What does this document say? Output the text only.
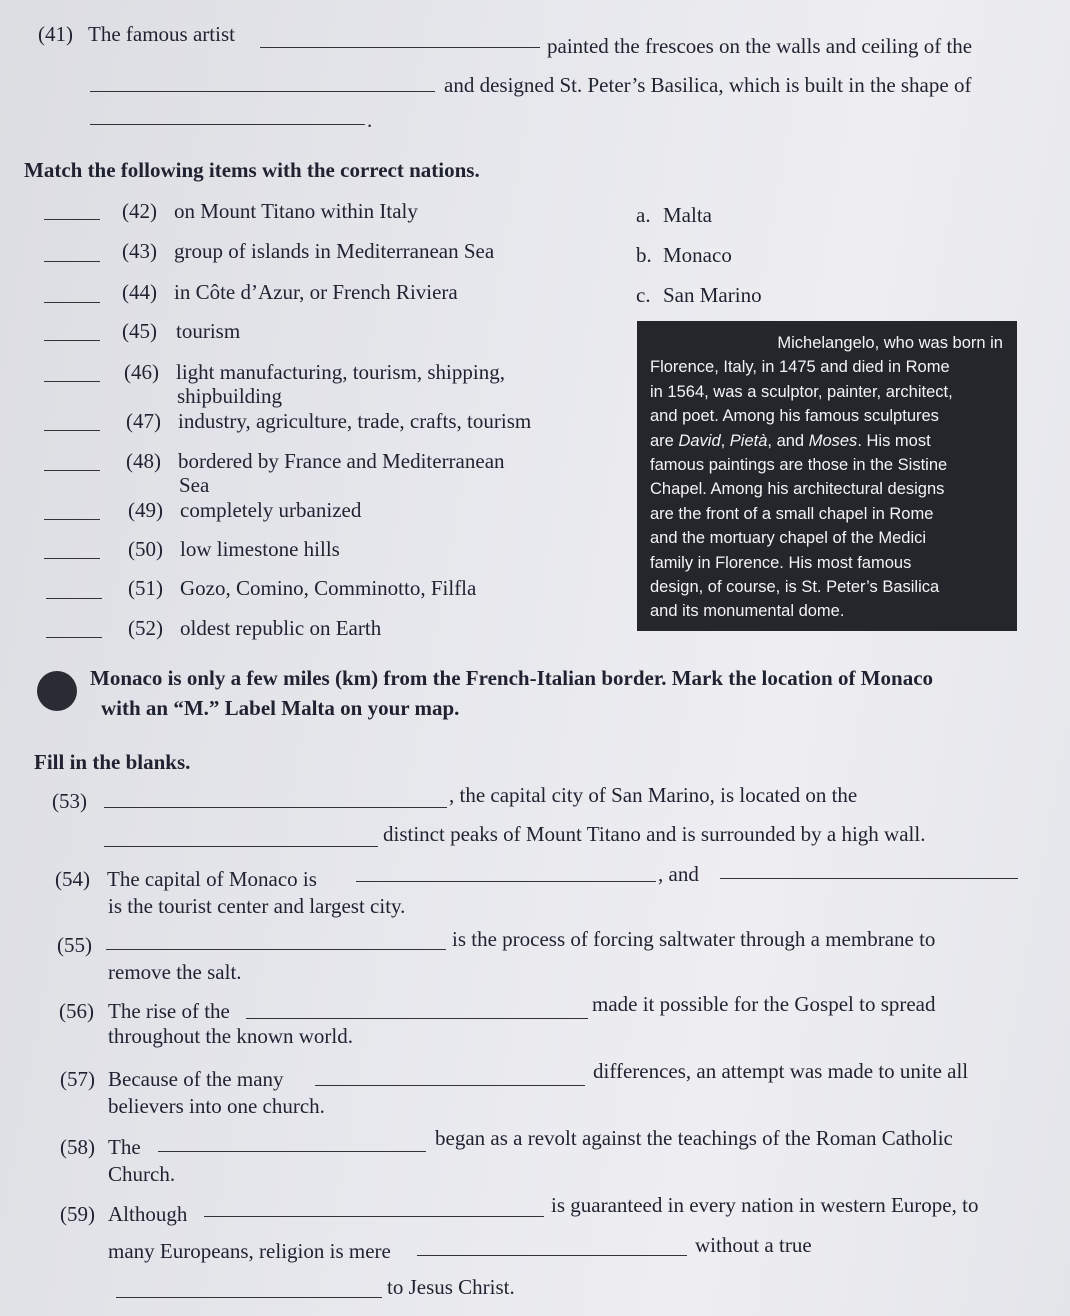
(41) The famous artist	painted the frescoes on the walls and ceiling of the
and designed St. Peter’s Basilica, which is built in the shape of
.
Match the following items with the correct nations.
(42) on Mount Titano within Italy
(43) group of islands in Mediterranean Sea
(44) in Côte d’Azur, or French Riviera
(45) tourism
(46) light manufacturing, tourism, shipping,
shipbuilding
(47) industry, agriculture, trade, crafts, tourism
(48) bordered by France and Mediterranean
Sea
(49) completely urbanized
(50) low limestone hills
(51) Gozo, Comino, Comminotto, Filfla
(52) oldest republic on Earth
a. Malta
b. Monaco
c. San Marino
Michelangelo, who was born in
Florence, Italy, in 1475 and died in Rome
in 1564, was a sculptor, painter, architect,
and poet. Among his famous sculptures
are David, Pietà, and Moses. His most
famous paintings are those in the Sistine
Chapel. Among his architectural designs
are the front of a small chapel in Rome
and the mortuary chapel of the Medici
family in Florence. His most famous
design, of course, is St. Peter’s Basilica
and its monumental dome.
Monaco is only a few miles (km) from the French-Italian border. Mark the location of Monaco
with an “M.” Label Malta on your map.
Fill in the blanks.
(53)	, the capital city of San Marino, is located on the
distinct peaks of Mount Titano and is surrounded by a high wall.
(54) The capital of Monaco is	, and
is the tourist center and largest city.
(55)	is the process of forcing saltwater through a membrane to
remove the salt.
(56) The rise of the	made it possible for the Gospel to spread
throughout the known world.
(57) Because of the many	differences, an attempt was made to unite all
believers into one church.
(58) The	began as a revolt against the teachings of the Roman Catholic
Church.
(59) Although	is guaranteed in every nation in western Europe, to
many Europeans, religion is mere	without a true
to Jesus Christ.
